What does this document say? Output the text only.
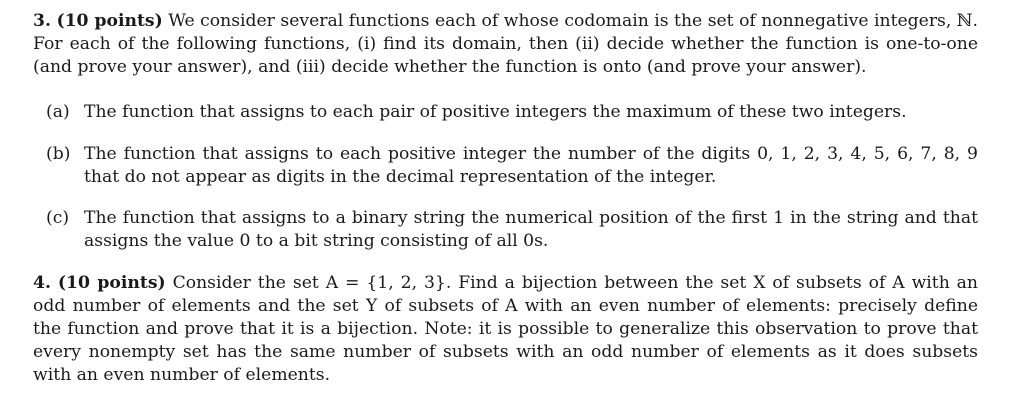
3. (10 points) We consider several functions each of whose codomain is the set of nonnegative integers, ℕ. For each of the following functions, (i) find its domain, then (ii) decide whether the function is one-to-one (and prove your answer), and (iii) decide whether the function is onto (and prove your answer).

(a) The function that assigns to each pair of positive integers the maximum of these two integers.
(b) The function that assigns to each positive integer the number of the digits 0, 1, 2, 3, 4, 5, 6, 7, 8, 9 that do not appear as digits in the decimal representation of the integer.
(c) The function that assigns to a binary string the numerical position of the first 1 in the string and that assigns the value 0 to a bit string consisting of all 0s.

4. (10 points) Consider the set A = {1, 2, 3}. Find a bijection between the set X of subsets of A with an odd number of elements and the set Y of subsets of A with an even number of elements: precisely define the function and prove that it is a bijection. Note: it is possible to generalize this observation to prove that every nonempty set has the same number of subsets with an odd number of elements as it does subsets with an even number of elements.
